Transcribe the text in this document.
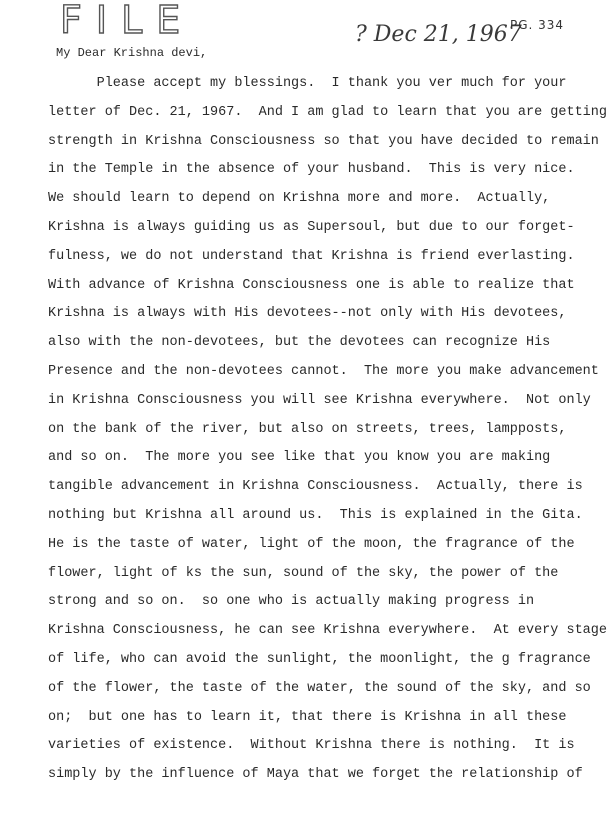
FILE	? Dec 21, 1967
PG. 334
My Dear Krishna devi,
Please accept my blessings.  I thank you ver much for your
letter of Dec. 21, 1967.  And I am glad to learn that you are getting
strength in Krishna Consciousness so that you have decided to remain
in the Temple in the absence of your husband.  This is very nice.
We should learn to depend on Krishna more and more.  Actually,
Krishna is always guiding us as Supersoul, but due to our forget-
fulness, we do not understand that Krishna is friend everlasting.
With advance of Krishna Consciousness one is able to realize that
Krishna is always with His devotees--not only with His devotees,
also with the non-devotees, but the devotees can recognize His
Presence and the non-devotees cannot.  The more you make advancement
in Krishna Consciousness you will see Krishna everywhere.  Not only
on the bank of the river, but also on streets, trees, lampposts,
and so on.  The more you see like that you know you are making
tangible advancement in Krishna Consciousness.  Actually, there is
nothing but Krishna all around us.  This is explained in the Gita.
He is the taste of water, light of the moon, the fragrance of the
flower, light of ks the sun, sound of the sky, the power of the
strong and so on.  so one who is actually making progress in
Krishna Consciousness, he can see Krishna everywhere.  At every stage
of life, who can avoid the sunlight, the moonlight, the g fragrance
of the flower, the taste of the water, the sound of the sky, and so
on;  but one has to learn it, that there is Krishna in all these
varieties of existence.  Without Krishna there is nothing.  It is
simply by the influence of Maya that we forget the relationship of
